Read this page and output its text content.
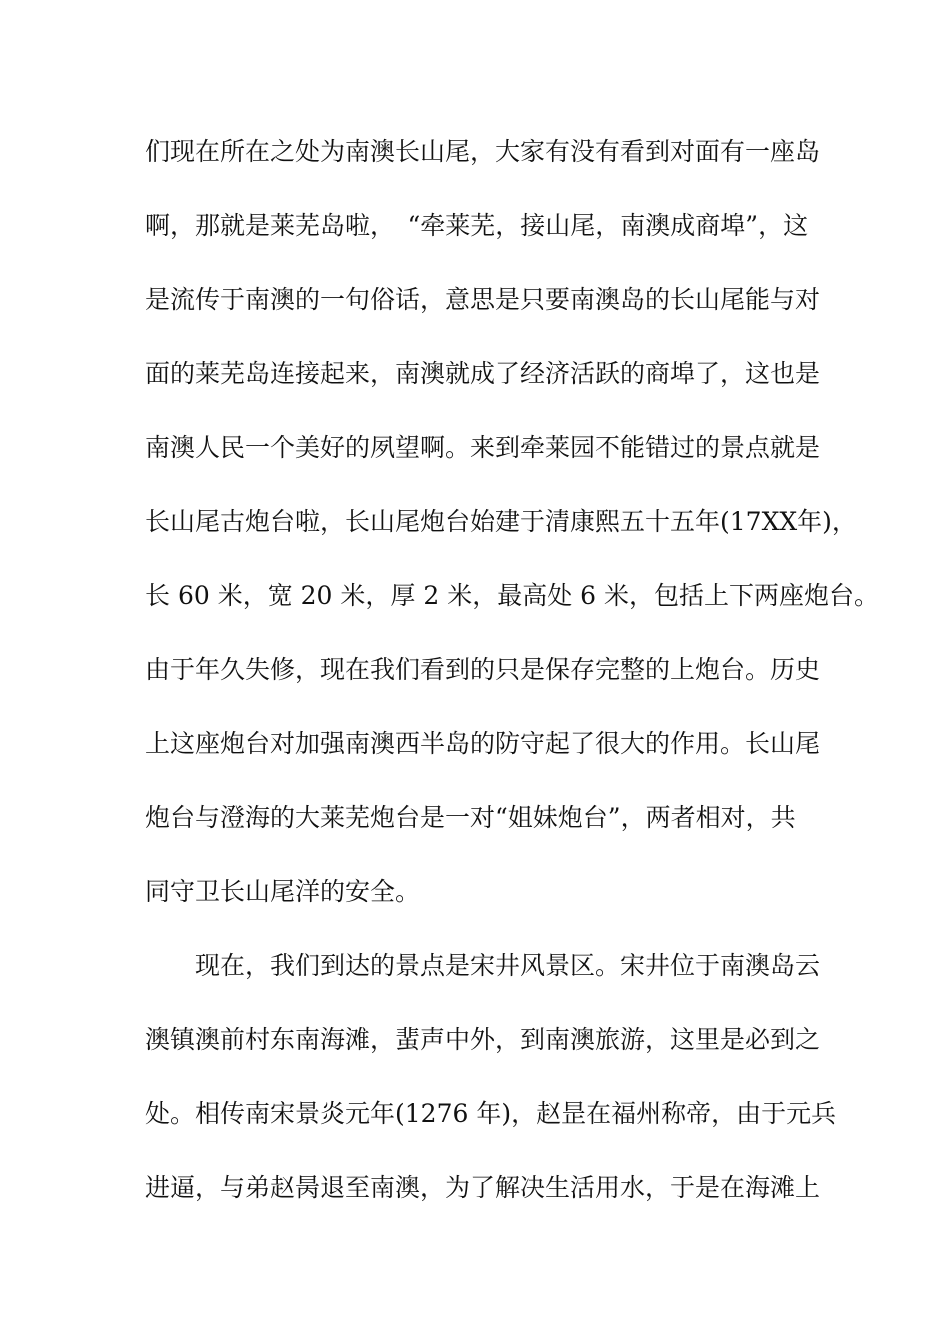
们现在所在之处为南澳长山尾，大家有没有看到对面有一座岛
啊，那就是莱芜岛啦，　“牵莱芜，接山尾，南澳成商埠”，这
是流传于南澳的一句俗话，意思是只要南澳岛的长山尾能与对
面的莱芜岛连接起来，南澳就成了经济活跃的商埠了，这也是
南澳人民一个美好的夙望啊。来到牵莱园不能错过的景点就是
长山尾古炮台啦，长山尾炮台始建于清康熙五十五年(17XX年)，
长 60 米，宽 20 米，厚 2 米，最高处 6 米，包括上下两座炮台。
由于年久失修，现在我们看到的只是保存完整的上炮台。历史
上这座炮台对加强南澳西半岛的防守起了很大的作用。长山尾
炮台与澄海的大莱芜炮台是一对“姐妹炮台”，两者相对，共
同守卫长山尾洋的安全。
现在，我们到达的景点是宋井风景区。宋井位于南澳岛云
澳镇澳前村东南海滩，蜚声中外，到南澳旅游，这里是必到之
处。相传南宋景炎元年(1276 年)，赵昰在福州称帝，由于元兵
进逼，与弟赵昺退至南澳，为了解决生活用水，于是在海滩上
